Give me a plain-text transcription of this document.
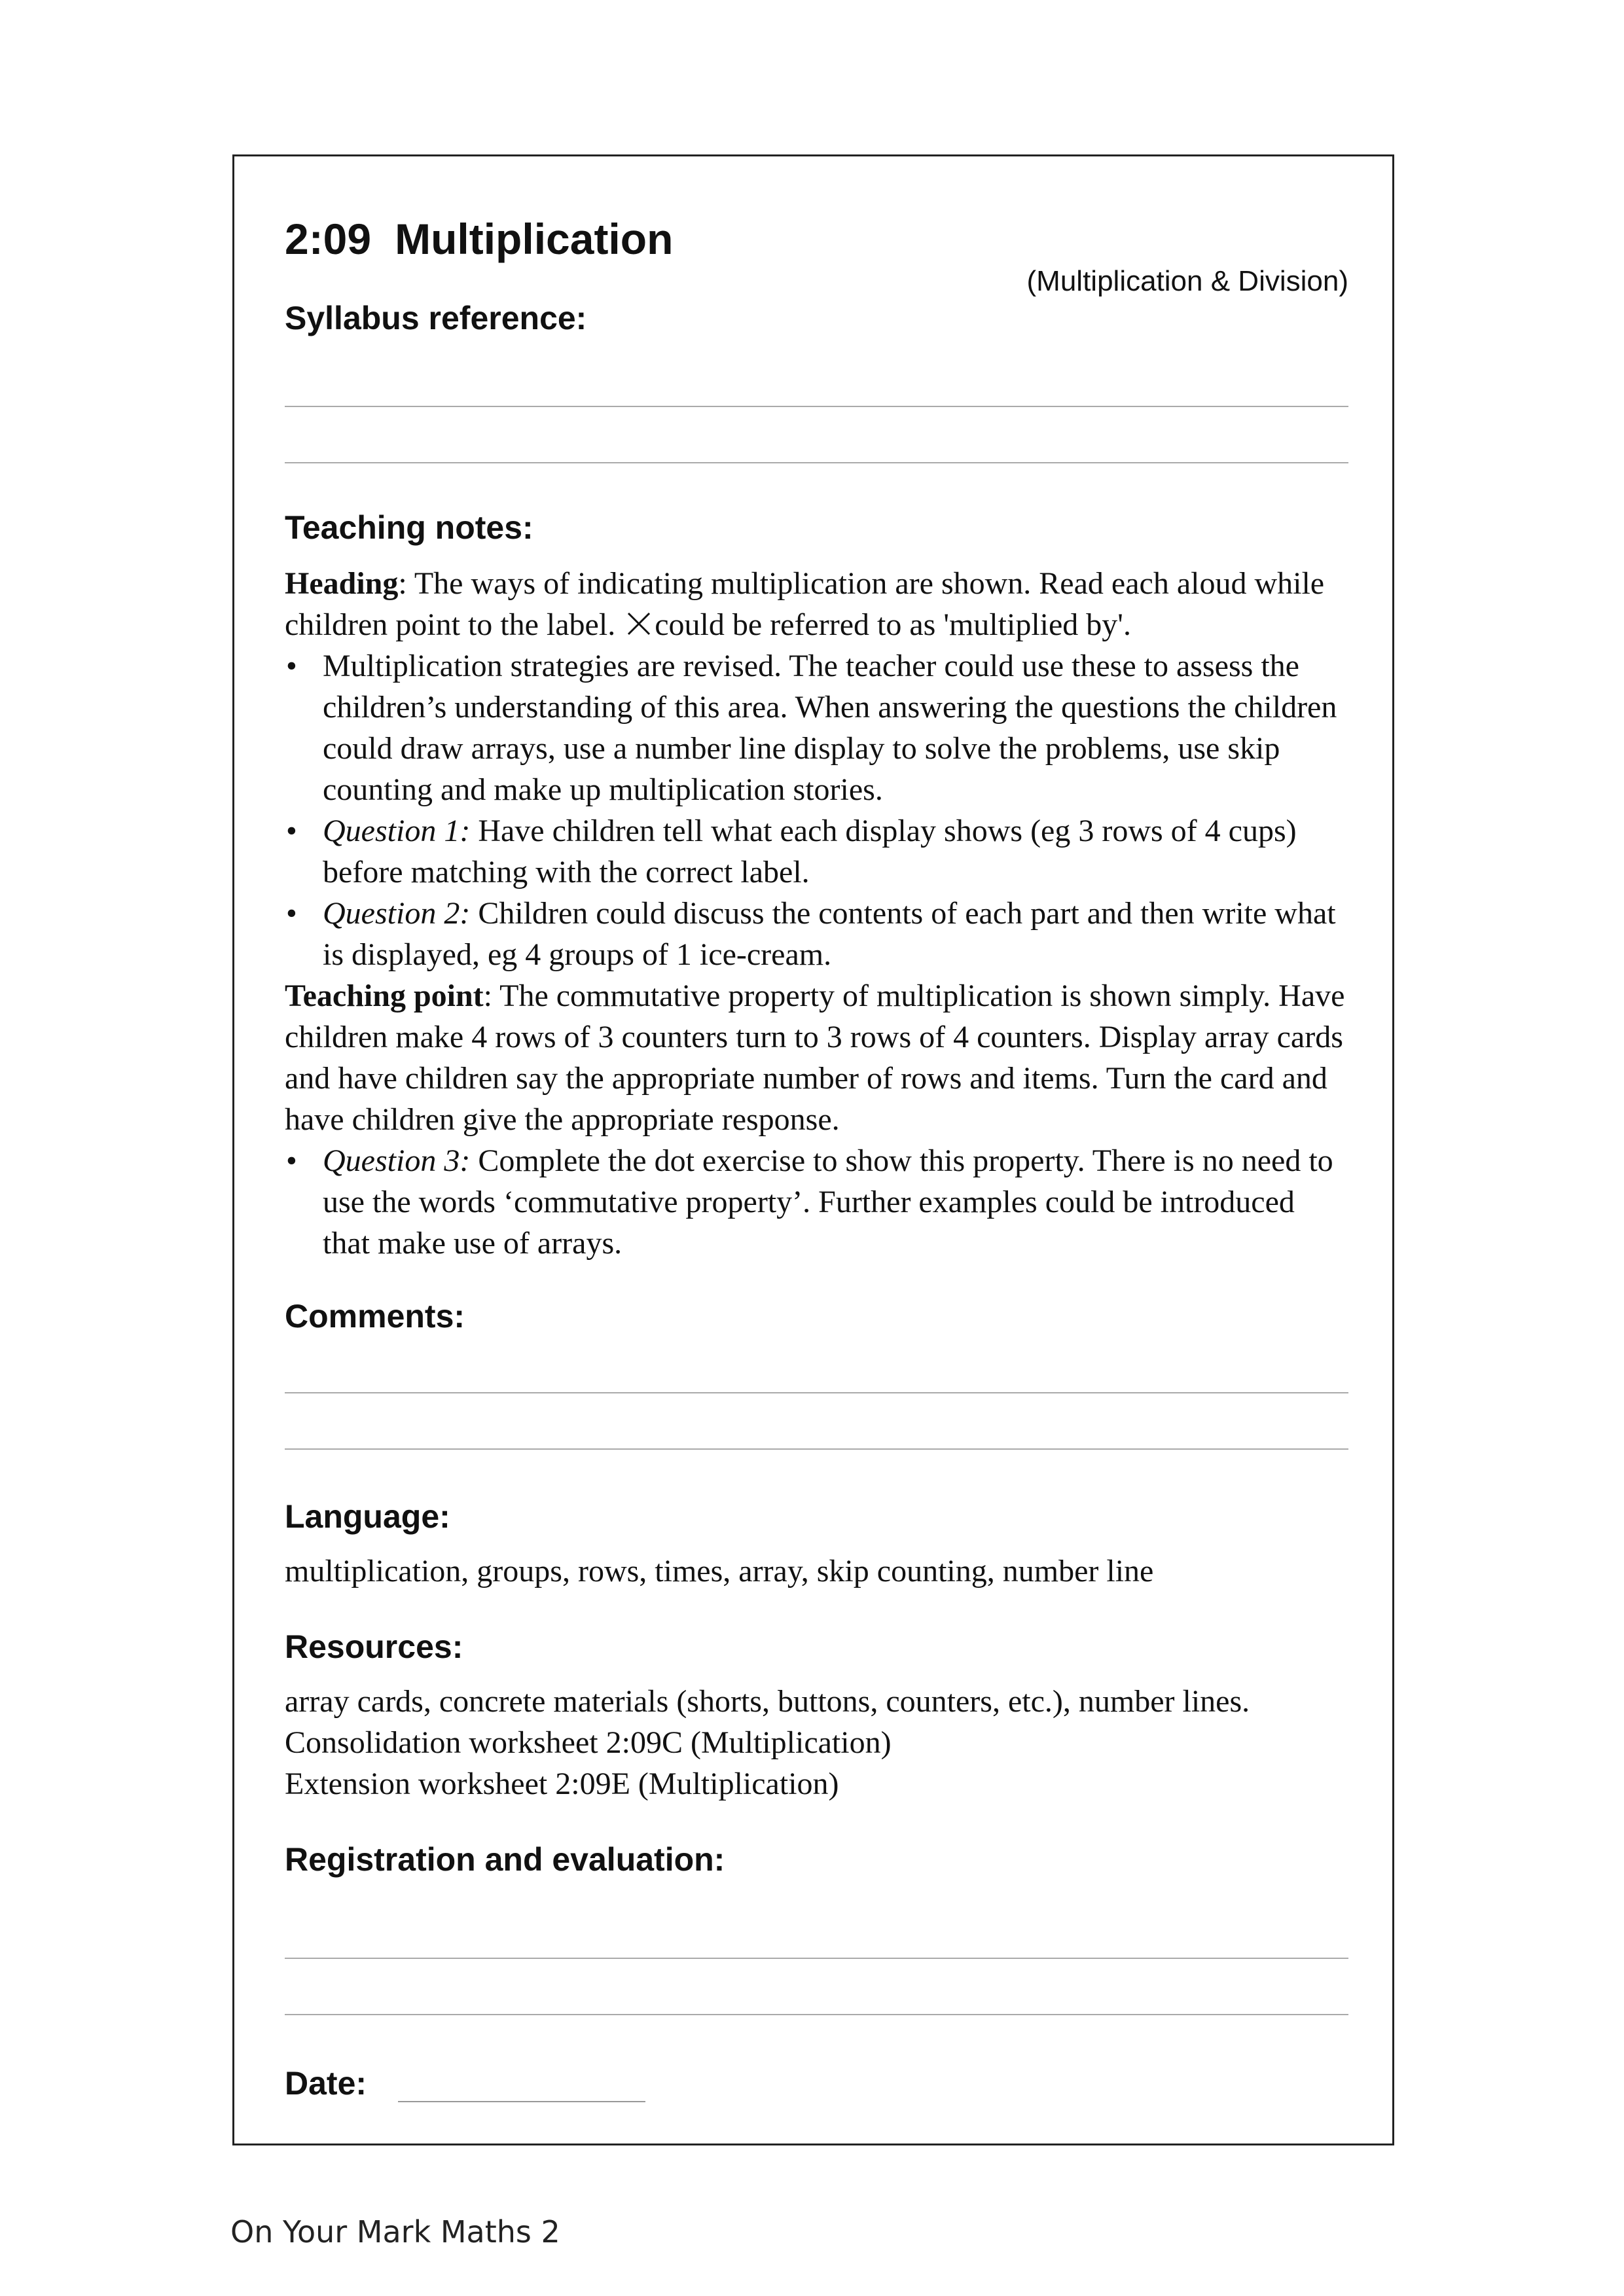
2:09 Multiplication
(Multiplication & Division)
Syllabus reference:
Teaching notes:
Heading: The ways of indicating multiplication are shown. Read each aloud while children point to the label. could be referred to as 'multiplied by'.
• Multiplication strategies are revised. The teacher could use these to assess the children’s understanding of this area. When answering the questions the children could draw arrays, use a number line display to solve the problems, use skip counting and make up multiplication stories.
• Question 1: Have children tell what each display shows (eg 3 rows of 4 cups) before matching with the correct label.
• Question 2: Children could discuss the contents of each part and then write what is displayed, eg 4 groups of 1 ice-cream.
Teaching point: The commutative property of multiplication is shown simply. Have children make 4 rows of 3 counters turn to 3 rows of 4 counters. Display array cards and have children say the appropriate number of rows and items. Turn the card and have children give the appropriate response.
• Question 3: Complete the dot exercise to show this property. There is no need to use the words ‘commutative property’. Further examples could be introduced that make use of arrays.
Comments:
Language:
multiplication, groups, rows, times, array, skip counting, number line
Resources:
array cards, concrete materials (shorts, buttons, counters, etc.), number lines.
Consolidation worksheet 2:09C (Multiplication)
Extension worksheet 2:09E (Multiplication)
Registration and evaluation:
Date:
On Your Mark Maths 2
